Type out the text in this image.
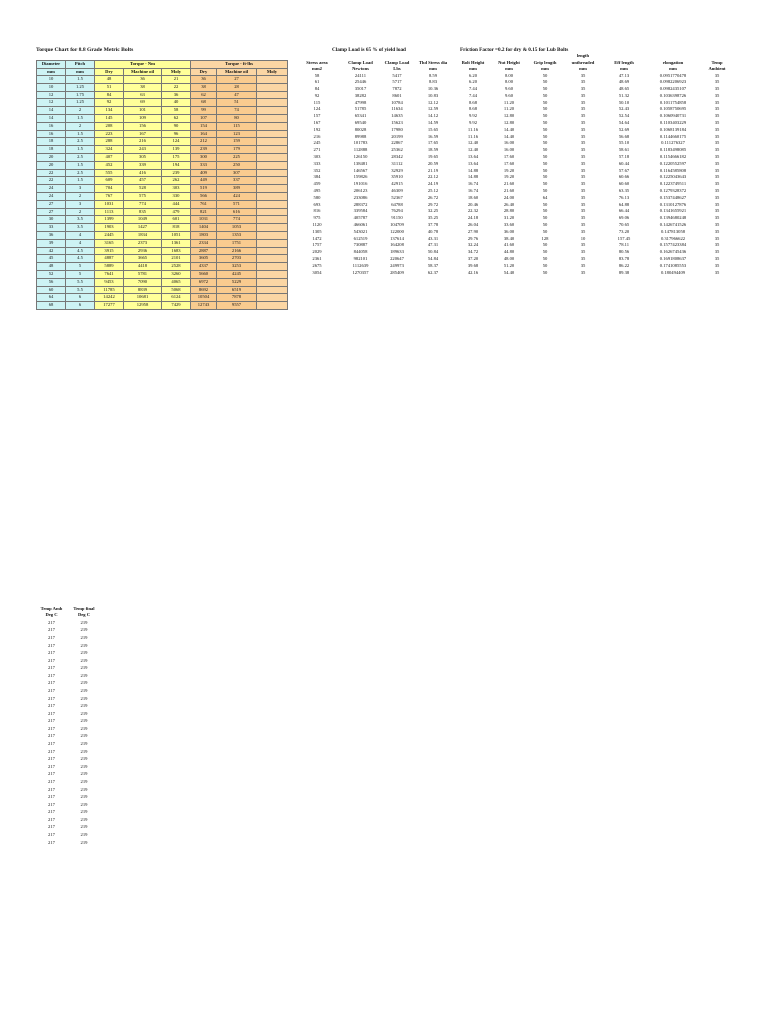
Torque Chart for 8.8 Grade Metric Bolts	Clamp Load is 65 % of yield load	Friction Factor =0.2 for dry & 0.15 for Lub Bolts
Diameter	Pitch	Torque - Nm			Torque - ft-lbs		
mm	mm	Dry	Machine oil	Moly	Dry	Machine oil	Moly
10	1.5	48	36	21	36	27	
10	1.25	51	38	22	38	28	
12	1.75	84	63	36	62	47	
12	1.25	92	69	40	68	51	
14	2	134	101	58	99	74	
14	1.5	145	109	62	107	80	
16	2	208	156	90	154	115	
16	1.5	223	167	96	164	123	
18	2.5	288	216	124	212	159	
18	1.5	324	243	139	239	179	
20	2.5	407	305	175	300	225	
20	1.5	452	339	194	333	250	
22	2.5	555	416	239	409	307	
22	1.5	609	457	262	449	337	
24	3	704	528	303	519	389	
24	2	767	575	330	566	424	
27	3	1031	774	444	761	571	
27	2	1113	835	479	821	616	
30	3.5	1399	1049	601	1031	774	
33	3.5	1903	1427	818	1404	1053	
36	4	2445	1834	1051	1803	1353	
39	4	3165	2373	1361	2334	1751	
42	4.5	3915	2936	1683	2887	2166	
45	4.5	4887	3665	2101	3605	2703	
48	5	5889	4418	2528	4337	3253	
52	5	7641	5781	3260	5660	4245	
56	5.5	9453	7090	4065	6972	5229	
60	5.5	11785	8839	5068	8692	6519	
64	6	14242	10681	6124	10504	7878	
68	6	17277	12958	7429	12743	9557	
							length			
Stress area	Clamp Load	Clamp Load	Thd Stress dia	Bolt Height	Nut Height	Grip length	unthreaded	Eff length	elongation	Temp
mm2	Newtons	Lbs	mm	mm	mm	mm	mm	mm	mm	Ambient
58	24111	5417	8.59	6.20	8.00	50	35	47.13	0.0951770478	35
61	25446	5717	8.83	6.20	8.00	50	35	48.69	0.0982206923	35
84	35017	7872	10.36	7.44	9.60	50	35	48.65	0.0982435107	35
92	38282	8601	10.83	7.44	9.60	50	35	51.32	0.1036398726	35
115	47998	10784	12.12	8.68	11.20	50	35	50.10	0.1011754858	35
124	51785	11634	12.59	8.68	11.20	50	35	52.43	0.1058750695	35
157	65341	14635	14.12	9.92	12.80	50	35	52.54	0.1060940731	35
167	69540	15623	14.59	9.92	12.80	50	35	54.64	0.1103403229	35
192	80028	17980	15.65	11.16	14.40	50	35	52.69	0.1068139184	35
216	89988	20199	16.59	11.16	14.40	50	35	56.68	0.1144660175	35
245	101783	22867	17.65	12.40	16.00	50	35	55.10	0.111276327	35
271	112888	25362	18.59	12.40	16.00	50	35	58.61	0.1183498085	35
303	126150	28342	19.65	13.64	17.60	50	35	57.18	0.1154666182	35
333	138481	31112	20.59	13.64	17.60	50	35	60.44	0.1220552597	35
352	146567	32929	21.19	14.88	19.20	50	35	57.67	0.1164585808	35
384	159826	35910	22.12	14.88	19.20	50	35	60.66	0.1225043643	35
459	191016	42915	24.19	16.74	21.60	50	35	60.60	0.1223749511	35
495	206123	46309	25.12	16.74	21.60	50	35	63.35	0.1279328372	35
580	233086	52367	26.72	18.60	24.00	64	35	76.13	0.1537448627	35
693	288372	64788	29.72	20.46	26.40	50	35	64.88	0.1310127876	35
816	339584	76294	32.25	22.32	28.80	50	35	66.44	0.1341655921	35
975	405787	91150	35.25	24.18	31.20	50	35	69.06	0.1394680248	35
1120	466061	104709	37.78	26.04	33.60	50	35	70.65	0.1426741526	35
1305	543021	122000	40.78	27.90	36.00	50	35	73.20	0.147813058	35
1472	612519	137614	43.31	29.76	38.40	128	10	157.45	0.317966622	35
1757	730887	164208	47.31	32.24	41.60	50	35	78.11	0.1577423384	35
2029	844058	189633	50.84	34.72	44.80	50	35	80.56	0.1626745436	35
2361	982101	220647	54.84	37.20	48.00	50	35	83.78	0.1691808637	35
2675	1112639	249973	58.37	39.68	51.20	50	35	86.22	0.1741085553	35
3054	1270357	285409	62.37	42.16	54.40	50	35	89.38	0.180494409	35
Temp Amb	Temp final
Deg C	Deg C
217	219
217	219
217	219
217	219
217	219
217	219
217	219
217	219
217	219
217	219
217	219
217	219
217	219
217	219
217	219
217	219
217	219
217	219
217	219
217	219
217	219
217	219
217	219
217	219
217	219
217	219
217	219
217	219
217	219
217	219
